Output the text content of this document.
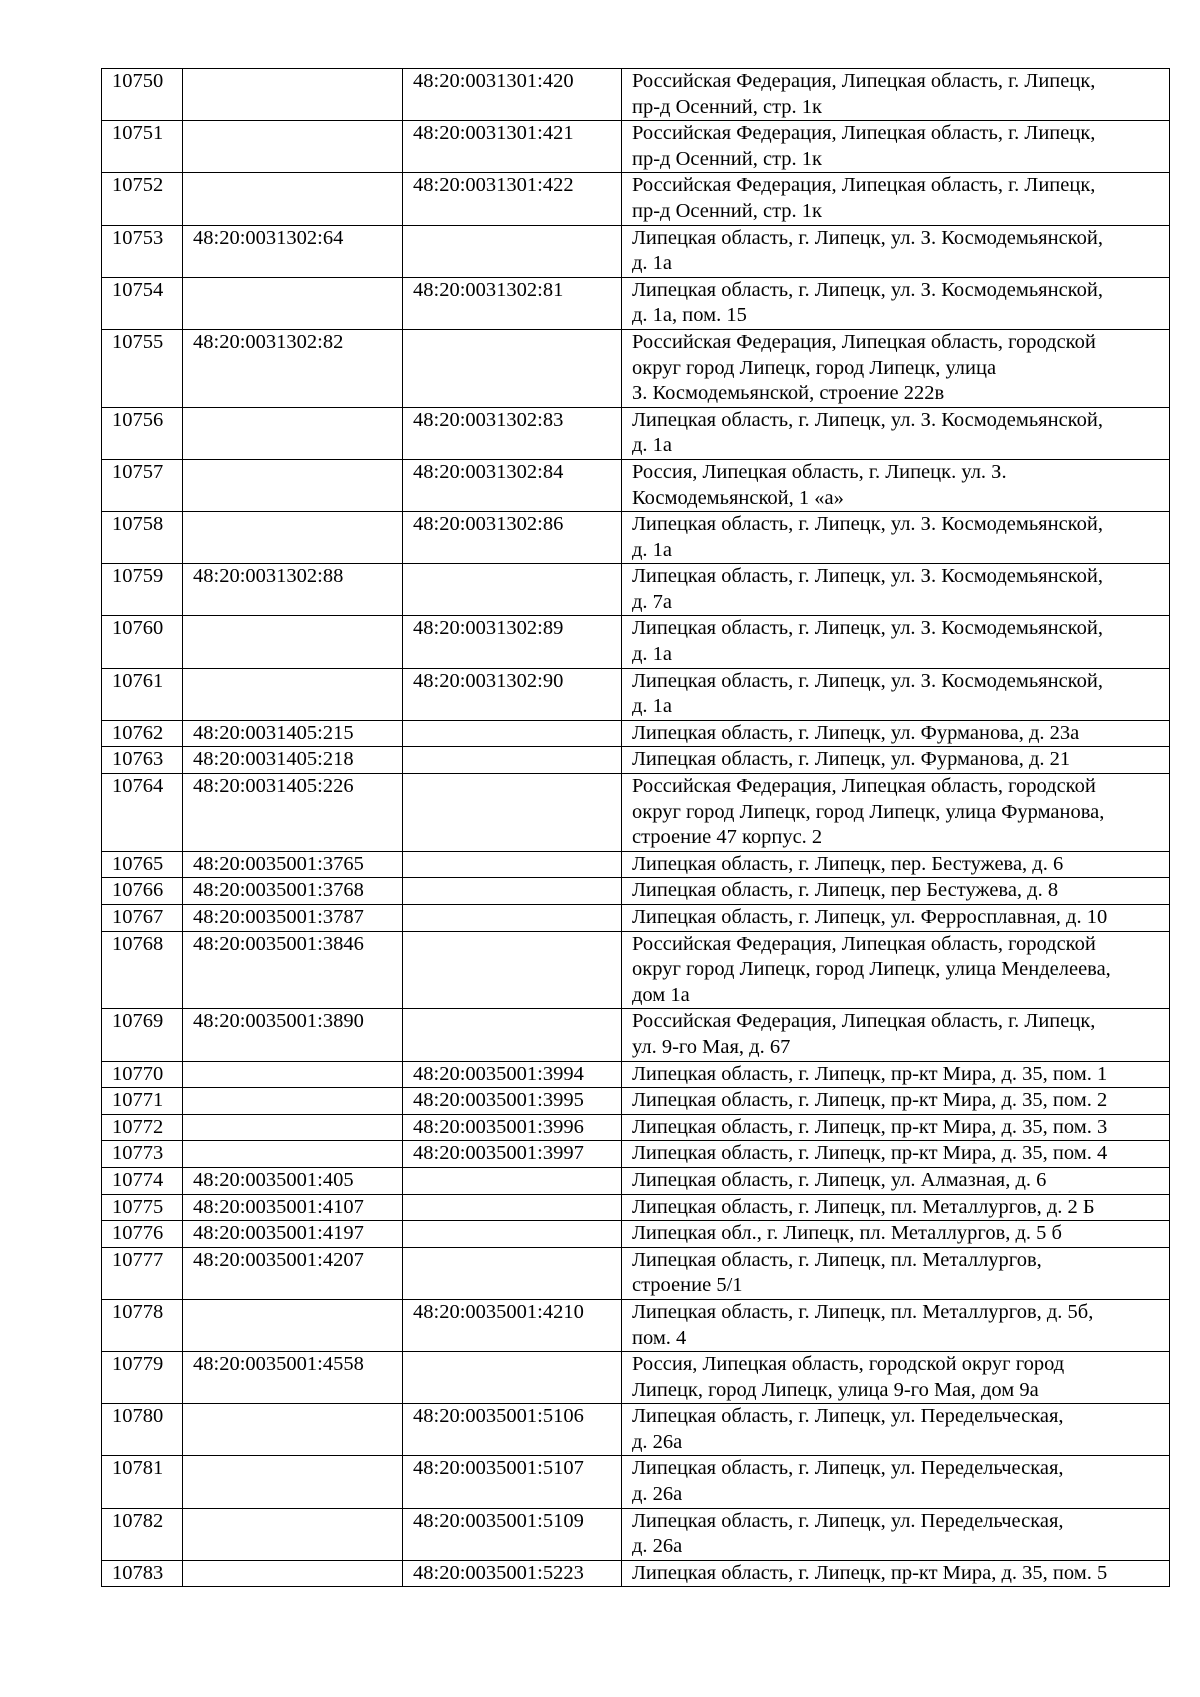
10750		48:20:0031301:420	Российская Федерация, Липецкая область, г. Липецк,
пр-д Осенний, стр. 1к

10751		48:20:0031301:421	Российская Федерация, Липецкая область, г. Липецк,
пр-д Осенний, стр. 1к

10752		48:20:0031301:422	Российская Федерация, Липецкая область, г. Липецк,
пр-д Осенний, стр. 1к

10753	48:20:0031302:64		Липецкая область, г. Липецк, ул. З. Космодемьянской,
д. 1а

10754		48:20:0031302:81	Липецкая область, г. Липецк, ул. З. Космодемьянской,
д. 1а, пом. 15

10755	48:20:0031302:82		Российская Федерация, Липецкая область, городской
округ город Липецк, город Липецк, улица
З. Космодемьянской, строение 222в

10756		48:20:0031302:83	Липецкая область, г. Липецк, ул. З. Космодемьянской,
д. 1а

10757		48:20:0031302:84	Россия, Липецкая область, г. Липецк. ул. З.
Космодемьянской, 1 «а»

10758		48:20:0031302:86	Липецкая область, г. Липецк, ул. З. Космодемьянской,
д. 1а

10759	48:20:0031302:88		Липецкая область, г. Липецк, ул. З. Космодемьянской,
д. 7а

10760		48:20:0031302:89	Липецкая область, г. Липецк, ул. З. Космодемьянской,
д. 1а

10761		48:20:0031302:90	Липецкая область, г. Липецк, ул. З. Космодемьянской,
д. 1а

10762	48:20:0031405:215		Липецкая область, г. Липецк, ул. Фурманова, д. 23а

10763	48:20:0031405:218		Липецкая область, г. Липецк, ул. Фурманова, д. 21

10764	48:20:0031405:226		Российская Федерация, Липецкая область, городской
округ город Липецк, город Липецк, улица Фурманова,
строение 47 корпус. 2

10765	48:20:0035001:3765		Липецкая область, г. Липецк, пер. Бестужева, д. 6

10766	48:20:0035001:3768		Липецкая область, г. Липецк, пер Бестужева, д. 8

10767	48:20:0035001:3787		Липецкая область, г. Липецк, ул. Ферросплавная, д. 10

10768	48:20:0035001:3846		Российская Федерация, Липецкая область, городской
округ город Липецк, город Липецк, улица Менделеева,
дом 1а

10769	48:20:0035001:3890		Российская Федерация, Липецкая область, г. Липецк,
ул. 9-го Мая, д. 67

10770		48:20:0035001:3994	Липецкая область, г. Липецк, пр-кт Мира, д. 35, пом. 1

10771		48:20:0035001:3995	Липецкая область, г. Липецк, пр-кт Мира, д. 35, пом. 2

10772		48:20:0035001:3996	Липецкая область, г. Липецк, пр-кт Мира, д. 35, пом. 3

10773		48:20:0035001:3997	Липецкая область, г. Липецк, пр-кт Мира, д. 35, пом. 4

10774	48:20:0035001:405		Липецкая область, г. Липецк, ул. Алмазная, д. 6

10775	48:20:0035001:4107		Липецкая область, г. Липецк, пл. Металлургов, д. 2 Б

10776	48:20:0035001:4197		Липецкая обл., г. Липецк, пл. Металлургов, д. 5 б

10777	48:20:0035001:4207		Липецкая область, г. Липецк, пл. Металлургов,
строение 5/1

10778		48:20:0035001:4210	Липецкая область, г. Липецк, пл. Металлургов, д. 5б,
пом. 4

10779	48:20:0035001:4558		Россия, Липецкая область, городской округ город
Липецк, город Липецк, улица 9-го Мая, дом 9а

10780		48:20:0035001:5106	Липецкая область, г. Липецк, ул. Передельческая,
д. 26а

10781		48:20:0035001:5107	Липецкая область, г. Липецк, ул. Передельческая,
д. 26а

10782		48:20:0035001:5109	Липецкая область, г. Липецк, ул. Передельческая,
д. 26а

10783		48:20:0035001:5223	Липецкая область, г. Липецк, пр-кт Мира, д. 35, пом. 5
